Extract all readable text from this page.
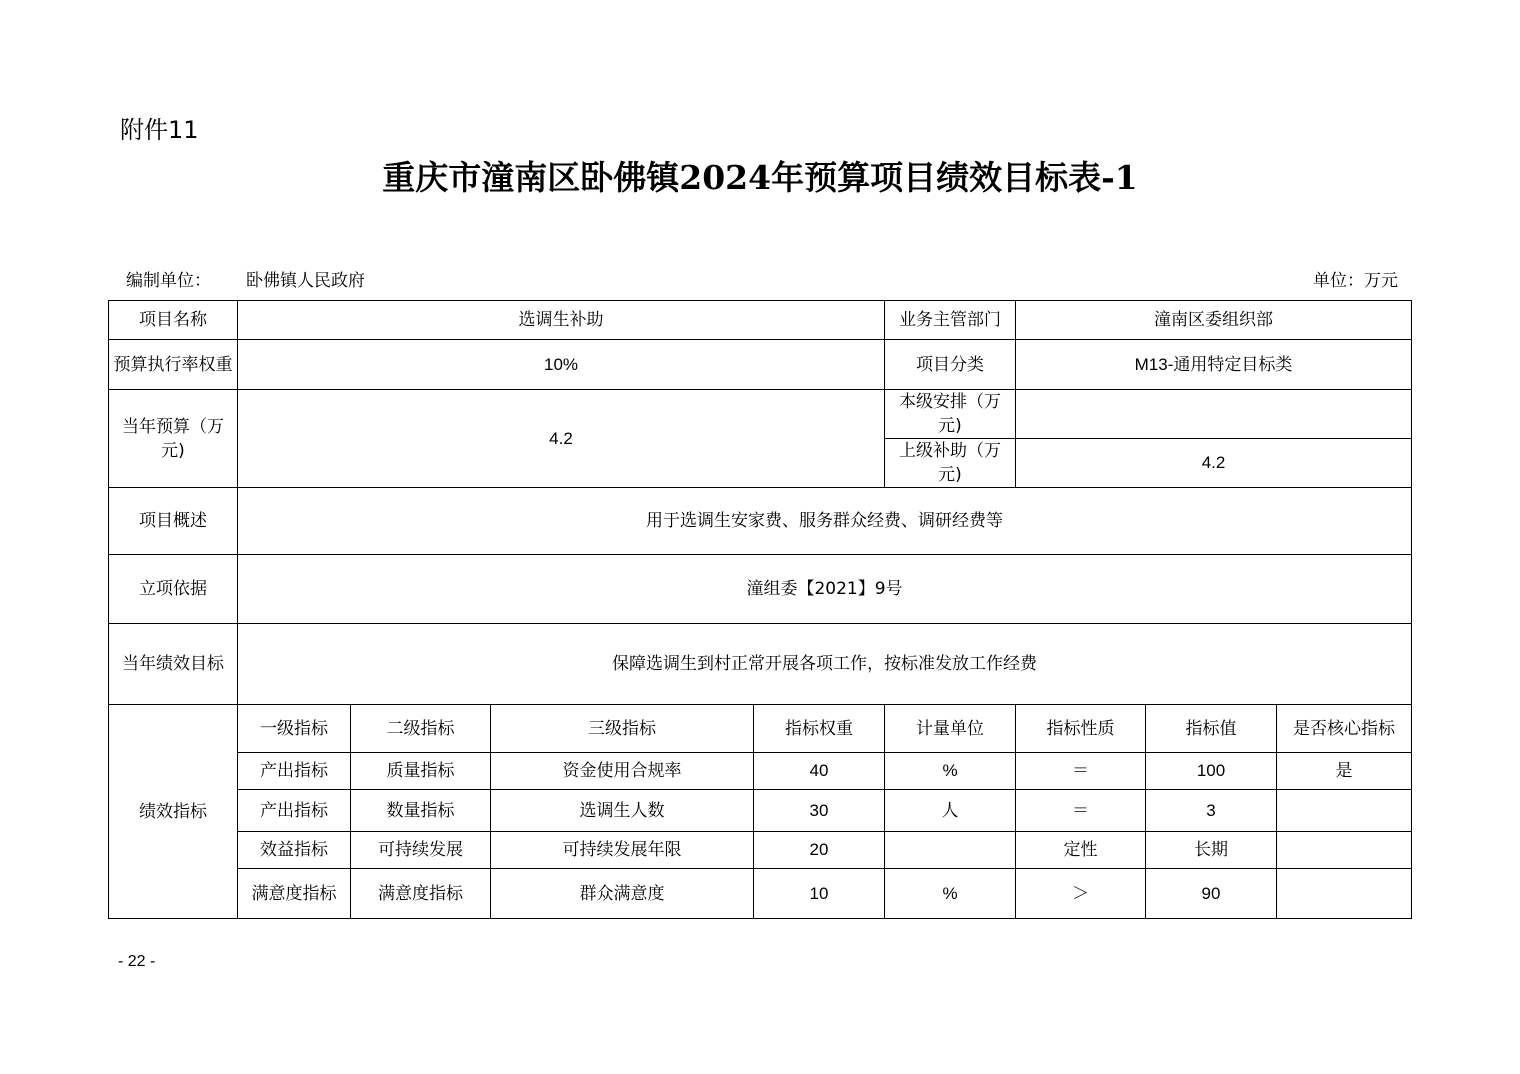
附件11
重庆市潼南区卧佛镇2024年预算项目绩效目标表-1
编制单位： 卧佛镇人民政府	单位：万元
项目名称	选调生补助				业务主管部门	潼南区委组织部		
预算执行率权重	10%				项目分类	M13-通用特定目标类		
当年预算（万元)	4.2				本级安排（万元)			
					上级补助（万元)	4.2		
项目概述	用于选调生安家费、服务群众经费、调研经费等							
立项依据	潼组委【2021】9号							
当年绩效目标	保障选调生到村正常开展各项工作，按标准发放工作经费							
绩效指标	一级指标	二级指标	三级指标	指标权重	计量单位	指标性质	指标值	是否核心指标
	产出指标	质量指标	资金使用合规率	40	%	＝	100	是
	产出指标	数量指标	选调生人数	30	人	＝	3	
	效益指标	可持续发展	可持续发展年限	20		定性	长期	
	满意度指标	满意度指标	群众满意度	10	%	＞	90	
- 22 -
